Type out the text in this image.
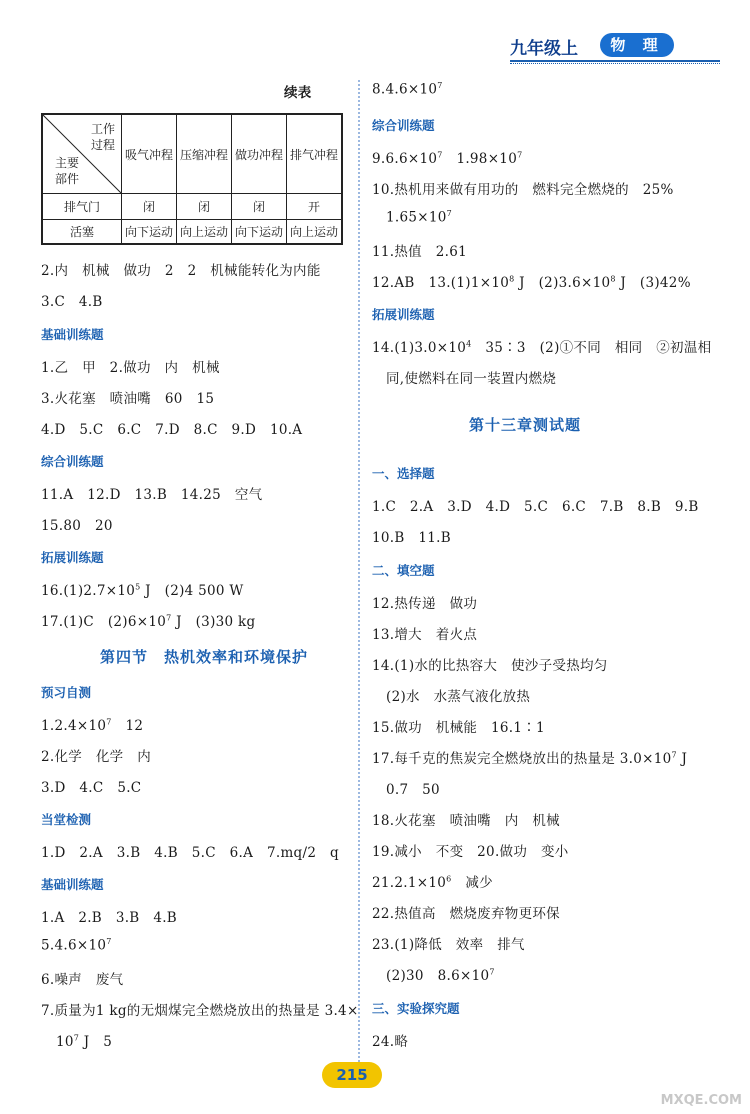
九年级上	物 理
续表
工作
过程
主要
部件	吸气冲程	压缩冲程	做功冲程	排气冲程
排气门	闭	闭	闭	开
活塞	向下运动	向上运动	向下运动	向上运动
2.内　机械　做功　2　2　机械能转化为内能
3.C　4.B
基础训练题
1.乙　甲　2.做功　内　机械
3.火花塞　喷油嘴　60　15
4.D　5.C　6.C　7.D　8.C　9.D　10.A
综合训练题
11.A　12.D　13.B　14.25　空气
15.80　20
拓展训练题
$16.(1)2.7\times 10^5$ J　(2)4 500 W
17.(1)C　$(2)6\times 10^7$ J　(3)30 kg
第四节　热机效率和环境保护
预习自测
$1.2.4\times 10^7$　12
2.化学　化学　内
3.D　4.C　5.C
当堂检测
1.D　2.A　3.B　4.B　5.C　6.A　7.mq/2　q
基础训练题
1.A　2.B　3.B　4.B
$5.4.6\times 10^7$
6.噪声　废气
7.质量为1 kg的无烟煤完全燃烧放出的热量是 3.4×
$10^7$ J　5
$8.4.6\times 10^7$
综合训练题
$9.6.6\times 10^7$　$1.98\times 10^7$
10.热机用来做有用功的　燃料完全燃烧的　25%
$1.65\times 10^7$
11.热值　2.61
12.AB　$13.(1)1\times 10^8$ J　$(2)3.6\times 10^8$ J　(3)42%
拓展训练题
$14.(1)3.0\times 10^4$　35∶3　(2)①不同　相同　②初温相
同,使燃料在同一装置内燃烧
第十三章测试题
一、选择题
1.C　2.A　3.D　4.D　5.C　6.C　7.B　8.B　9.B
10.B　11.B
二、填空题
12.热传递　做功
13.增大　着火点
14.(1)水的比热容大　使沙子受热均匀
(2)水　水蒸气液化放热
15.做功　机械能　16.1∶1
17.每千克的焦炭完全燃烧放出的热量是 $3.0\times 10^7$ J
0.7　50
18.火花塞　喷油嘴　内　机械
19.减小　不变　20.做功　变小
$21.2.1\times 10^6$　减少
22.热值高　燃烧废弃物更环保
23.(1)降低　效率　排气
(2)30　$8.6\times 10^7$
三、实验探究题
24.略
215
MXQE.COM
